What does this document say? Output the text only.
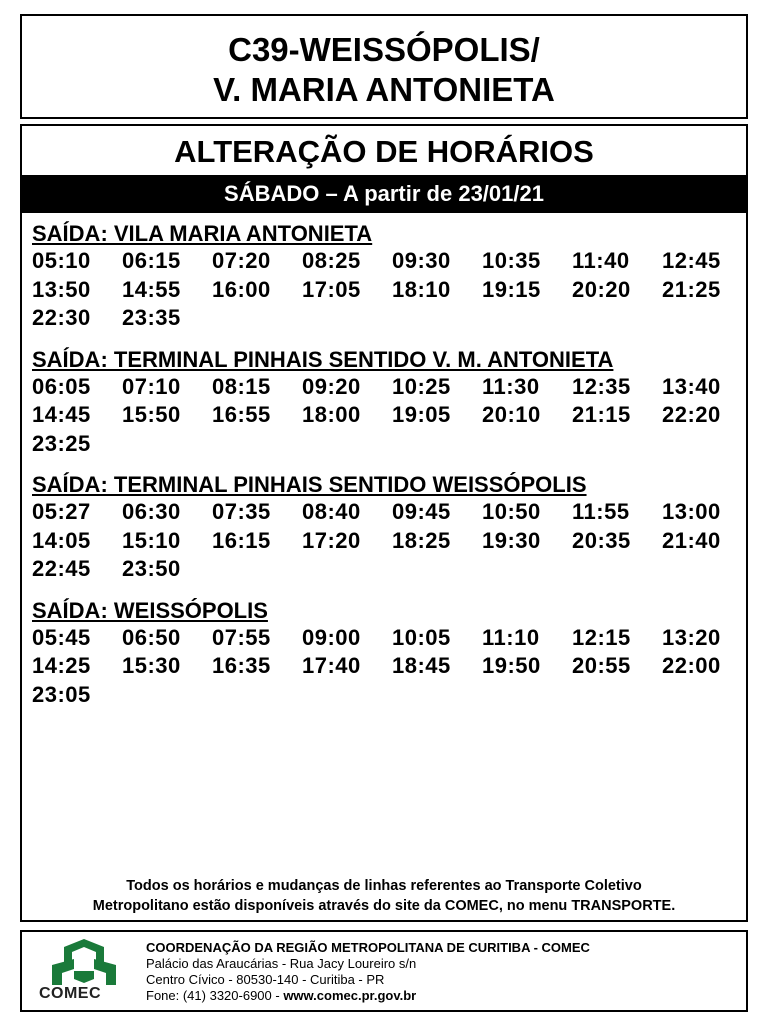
C39-WEISSÓPOLIS/
V. MARIA ANTONIETA
ALTERAÇÃO DE HORÁRIOS
SÁBADO – A partir de 23/01/21
SAÍDA: VILA MARIA ANTONIETA
05:10	06:15	07:20	08:25	09:30	10:35	11:40	12:45
13:50	14:55	16:00	17:05	18:10	19:15	20:20	21:25
22:30	23:35
SAÍDA: TERMINAL PINHAIS SENTIDO V. M. ANTONIETA
06:05	07:10	08:15	09:20	10:25	11:30	12:35	13:40
14:45	15:50	16:55	18:00	19:05	20:10	21:15	22:20
23:25
SAÍDA: TERMINAL PINHAIS SENTIDO WEISSÓPOLIS
05:27	06:30	07:35	08:40	09:45	10:50	11:55	13:00
14:05	15:10	16:15	17:20	18:25	19:30	20:35	21:40
22:45	23:50
SAÍDA: WEISSÓPOLIS
05:45	06:50	07:55	09:00	10:05	11:10	12:15	13:20
14:25	15:30	16:35	17:40	18:45	19:50	20:55	22:00
23:05
Todos os horários e mudanças de linhas referentes ao Transporte Coletivo
Metropolitano estão disponíveis através do site da COMEC, no menu TRANSPORTE.
COMEC
COORDENAÇÃO DA REGIÃO METROPOLITANA DE CURITIBA - COMEC
Palácio das Araucárias - Rua Jacy Loureiro s/n
Centro Cívico - 80530-140 - Curitiba - PR
Fone: (41) 3320-6900 - www.comec.pr.gov.br
